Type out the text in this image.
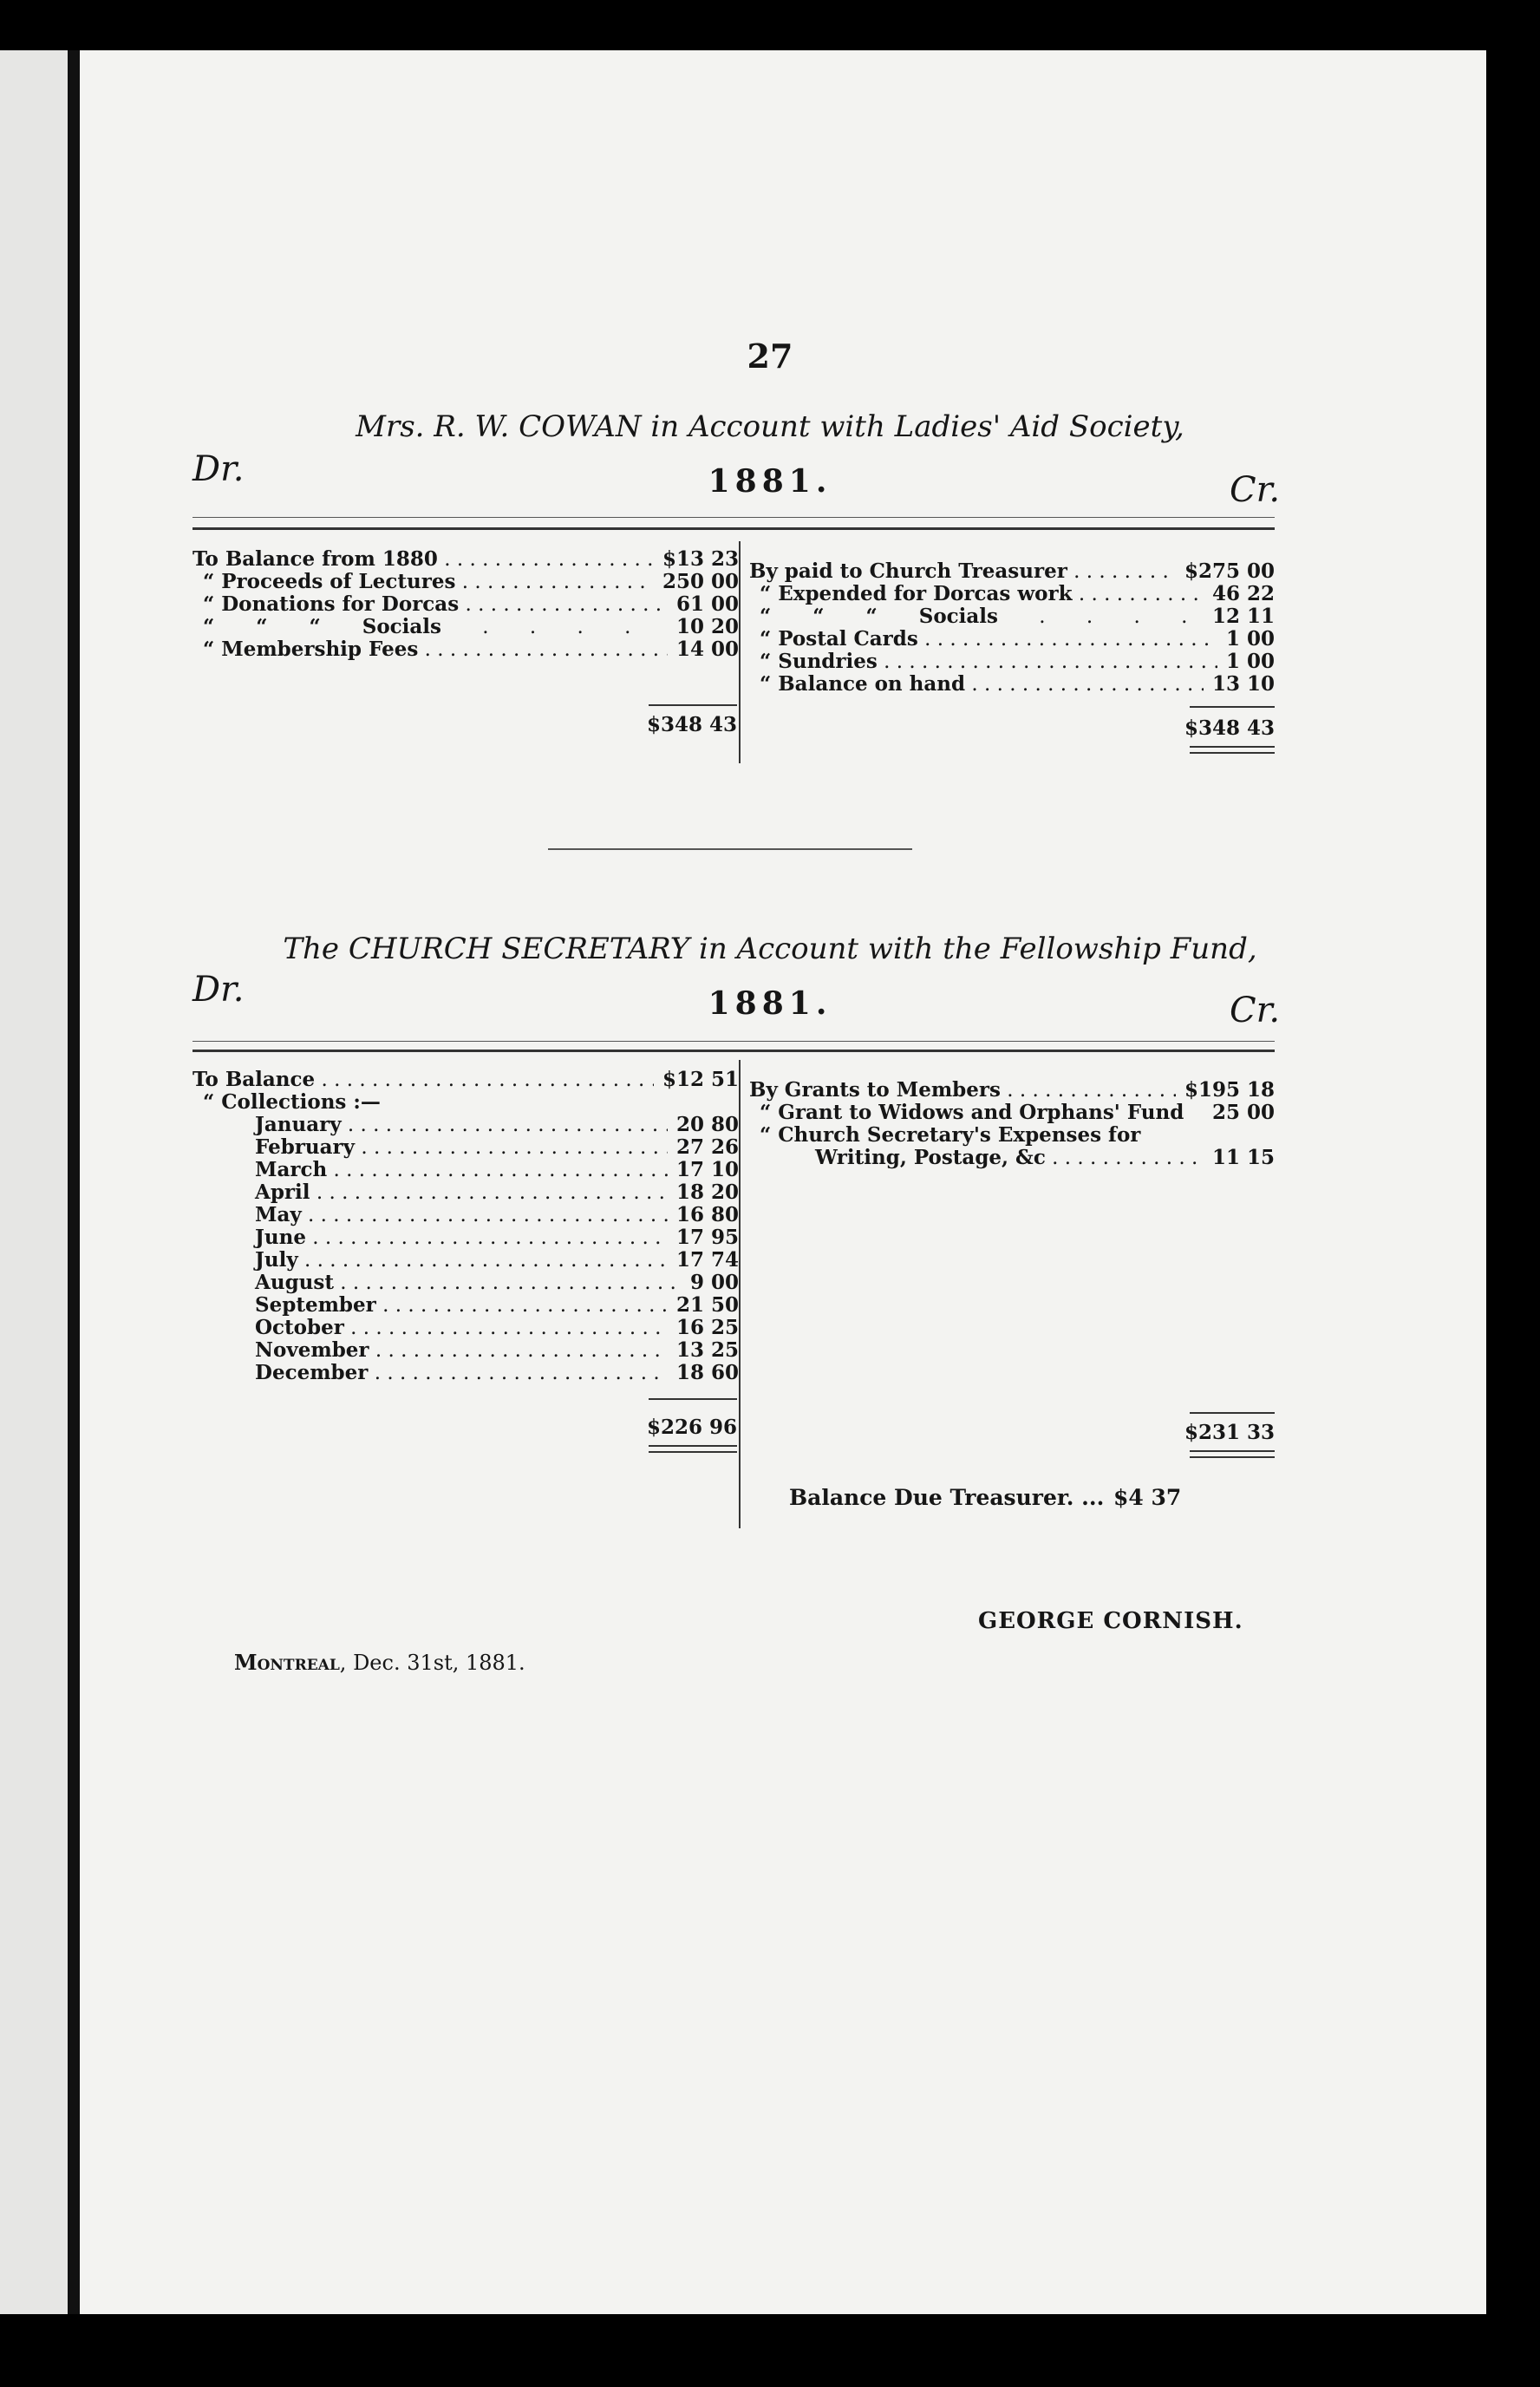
27
Mrs. R. W. COWAN in Account with Ladies' Aid Society,
Dr.	1881.	Cr.
To Balance from 1880 . . .	$13 23
“ Proceeds of Lectures . . .	250 00
“ Donations for Dorcas . . .	61 00
“ “ “ Socials . . .	10 20
“ Membership Fees . . .	14 00
$348 43
By paid to Church Treasurer . . .	$275 00
“ Expended for Dorcas work . . .	46 22
“ “ “ Socials . . .	12 11
“ Postal Cards . . .	1 00
“ Sundries . . .	1 00
“ Balance on hand . . .	13 10
$348 43
The CHURCH SECRETARY in Account with the Fellowship Fund,
Dr.	1881.	Cr.
To Balance . . .	$12 51
“ Collections :—
January . . .	20 80
February . . .	27 26
March . . .	17 10
April . . .	18 20
May . . .	16 80
June . . .	17 95
July . . .	17 74
August . . .	9 00
September . . .	21 50
October . . .	16 25
November . . .	13 25
December . . .	18 60
$226 96
By Grants to Members . . .	$195 18
“ Grant to Widows and Orphans' Fund	25 00
“ Church Secretary's Expenses for
Writing, Postage, &c . . .	11 15
$231 33
Balance Due Treasurer. ... $4 37
GEORGE CORNISH.
Montreal, Dec. 31st, 1881.
